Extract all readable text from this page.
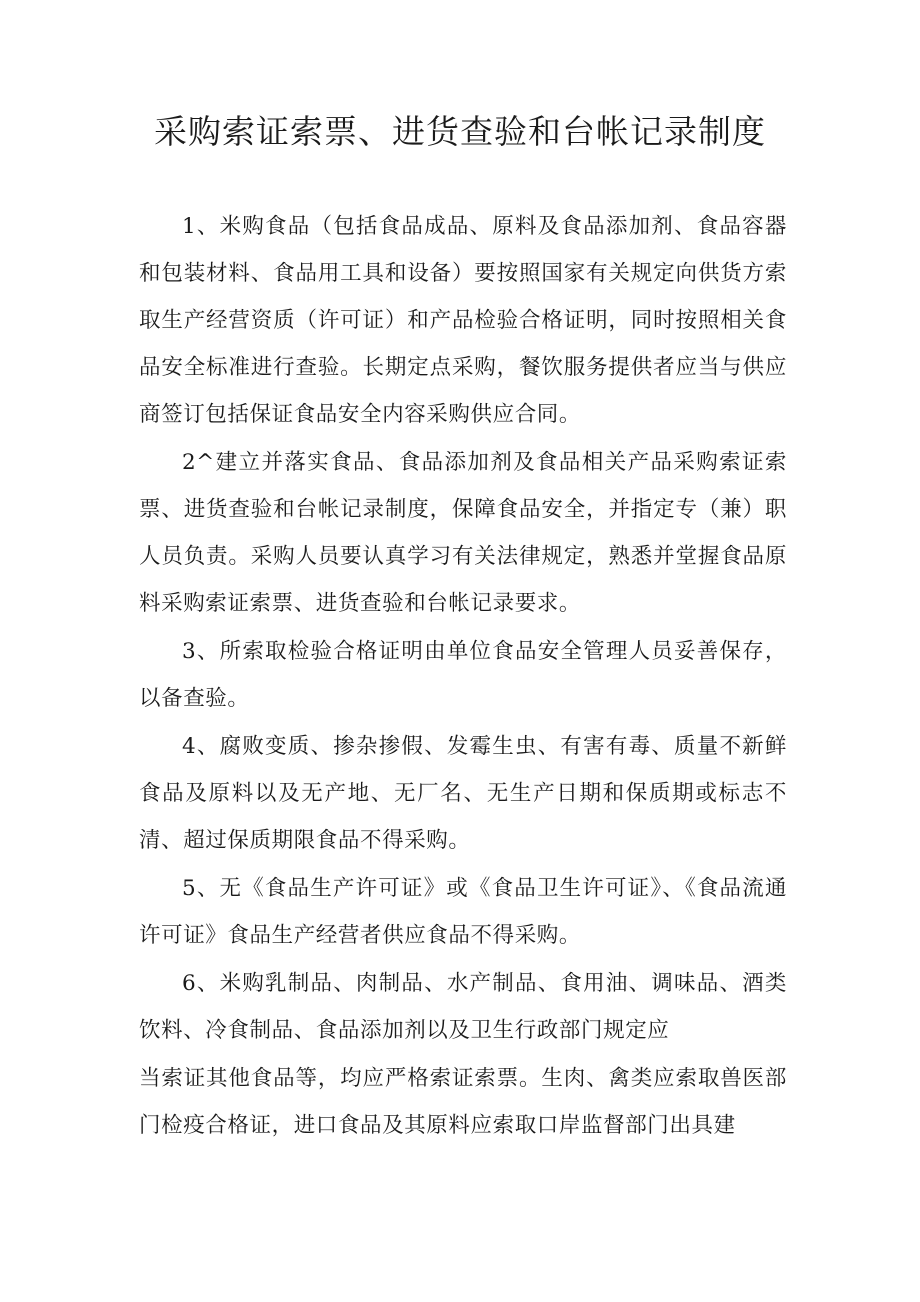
采购索证索票、进货查验和台帐记录制度

1、米购食品（包括食品成品、原料及食品添加剂、食品容器和包装材料、食品用工具和设备）要按照国家有关规定向供货方索取生产经营资质（许可证）和产品检验合格证明，同时按照相关食品安全标准进行查验。长期定点采购，餐饮服务提供者应当与供应商签订包括保证食品安全内容采购供应合同。

2^建立并落实食品、食品添加剂及食品相关产品采购索证索票、进货查验和台帐记录制度，保障食品安全，并指定专（兼）职人员负责。采购人员要认真学习有关法律规定，熟悉并堂握食品原料采购索证索票、进货查验和台帐记录要求。

3、所索取检验合格证明由单位食品安全管理人员妥善保存，以备查验。

4、腐败变质、掺杂掺假、发霉生虫、有害有毒、质量不新鲜食品及原料以及无产地、无厂名、无生产日期和保质期或标志不清、超过保质期限食品不得采购。

5、无《食品生产许可证》或《食品卫生许可证》、《食品流通许可证》食品生产经营者供应食品不得采购。

6、米购乳制品、肉制品、水产制品、食用油、调味品、酒类饮料、冷食制品、食品添加剂以及卫生行政部门规定应

当索证其他食品等，均应严格索证索票。生肉、禽类应索取兽医部门检疫合格证，进口食品及其原料应索取口岸监督部门出具建
